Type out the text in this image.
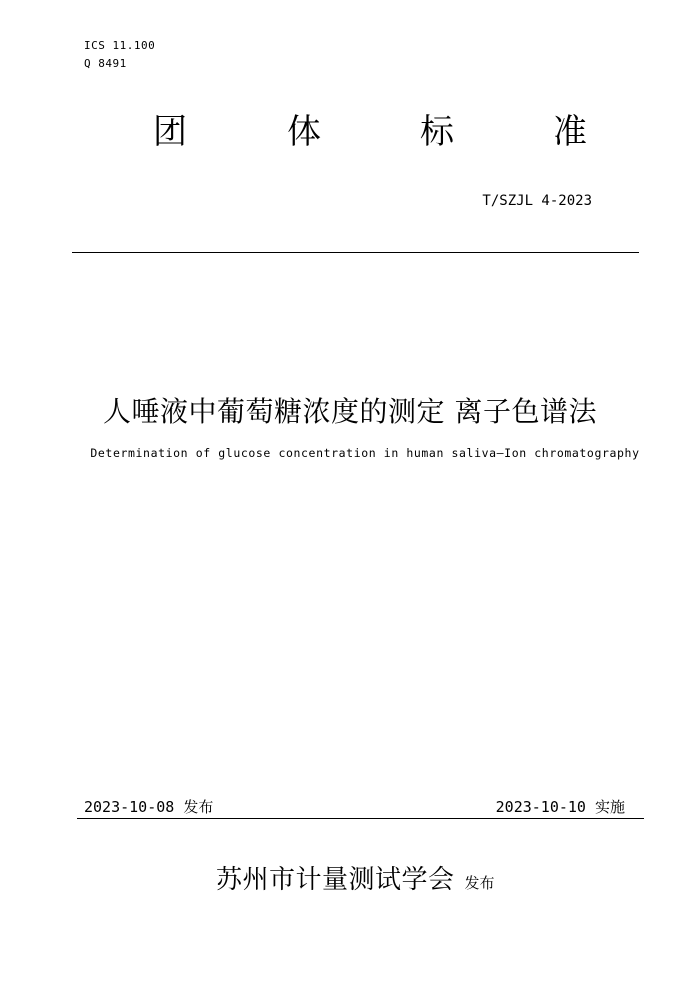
ICS 11.100
Q 8491
团	体	标	准
T/SZJL 4-2023
人唾液中葡萄糖浓度的测定 离子色谱法
Determination of glucose concentration in human saliva—Ion chromatography
2023-10-08 发布	2023-10-10 实施
苏州市计量测试学会 发布
